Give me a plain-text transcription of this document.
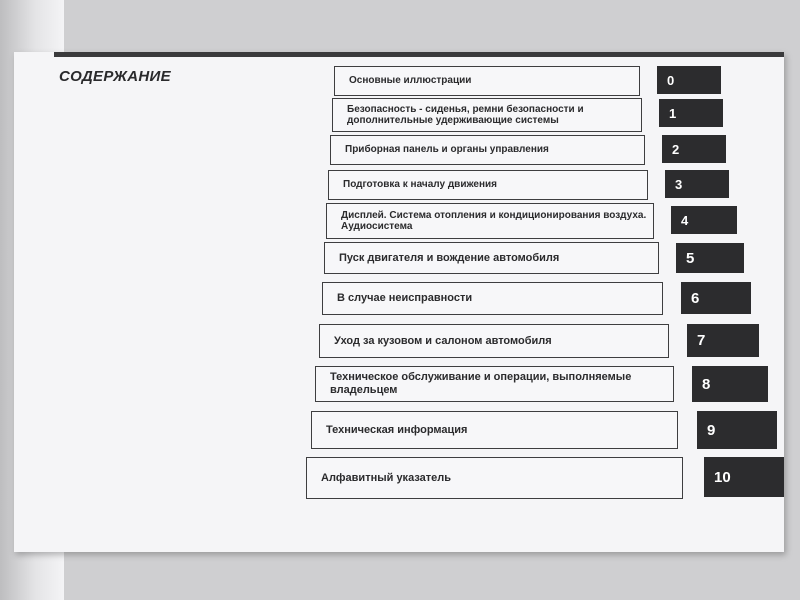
СОДЕРЖАНИЕ	Основные иллюстрации	0
Безопасность - сиденья, ремни безопасности и дополнительные удерживающие системы	1
Приборная панель и органы управления	2
Подготовка к началу движения	3
Дисплей. Система отопления и кондиционирования воздуха. Аудиосистема	4
Пуск двигателя и вождение автомобиля	5
В случае неисправности	6
Уход за кузовом и салоном автомобиля	7
Техническое обслуживание и операции, выполняемые владельцем	8
Техническая информация	9
Алфавитный указатель	10
